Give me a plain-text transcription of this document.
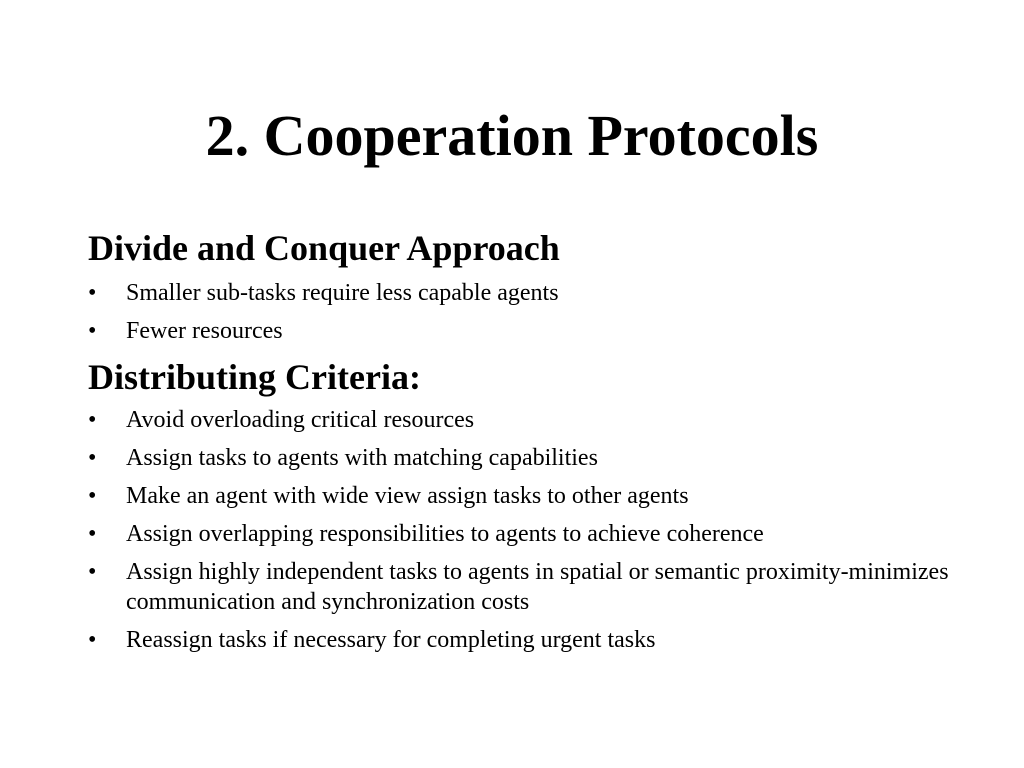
2. Cooperation Protocols
Divide and Conquer Approach
•	Smaller sub-tasks require less capable agents
•	Fewer resources
Distributing Criteria:
•	Avoid overloading critical resources
•	Assign tasks to agents with matching capabilities
•	Make an agent with wide view assign tasks to other agents
•	Assign overlapping responsibilities to agents to achieve coherence
•	Assign highly independent tasks to agents in spatial or semantic proximity-minimizes communication and synchronization costs
•	Reassign tasks if necessary for completing urgent tasks
